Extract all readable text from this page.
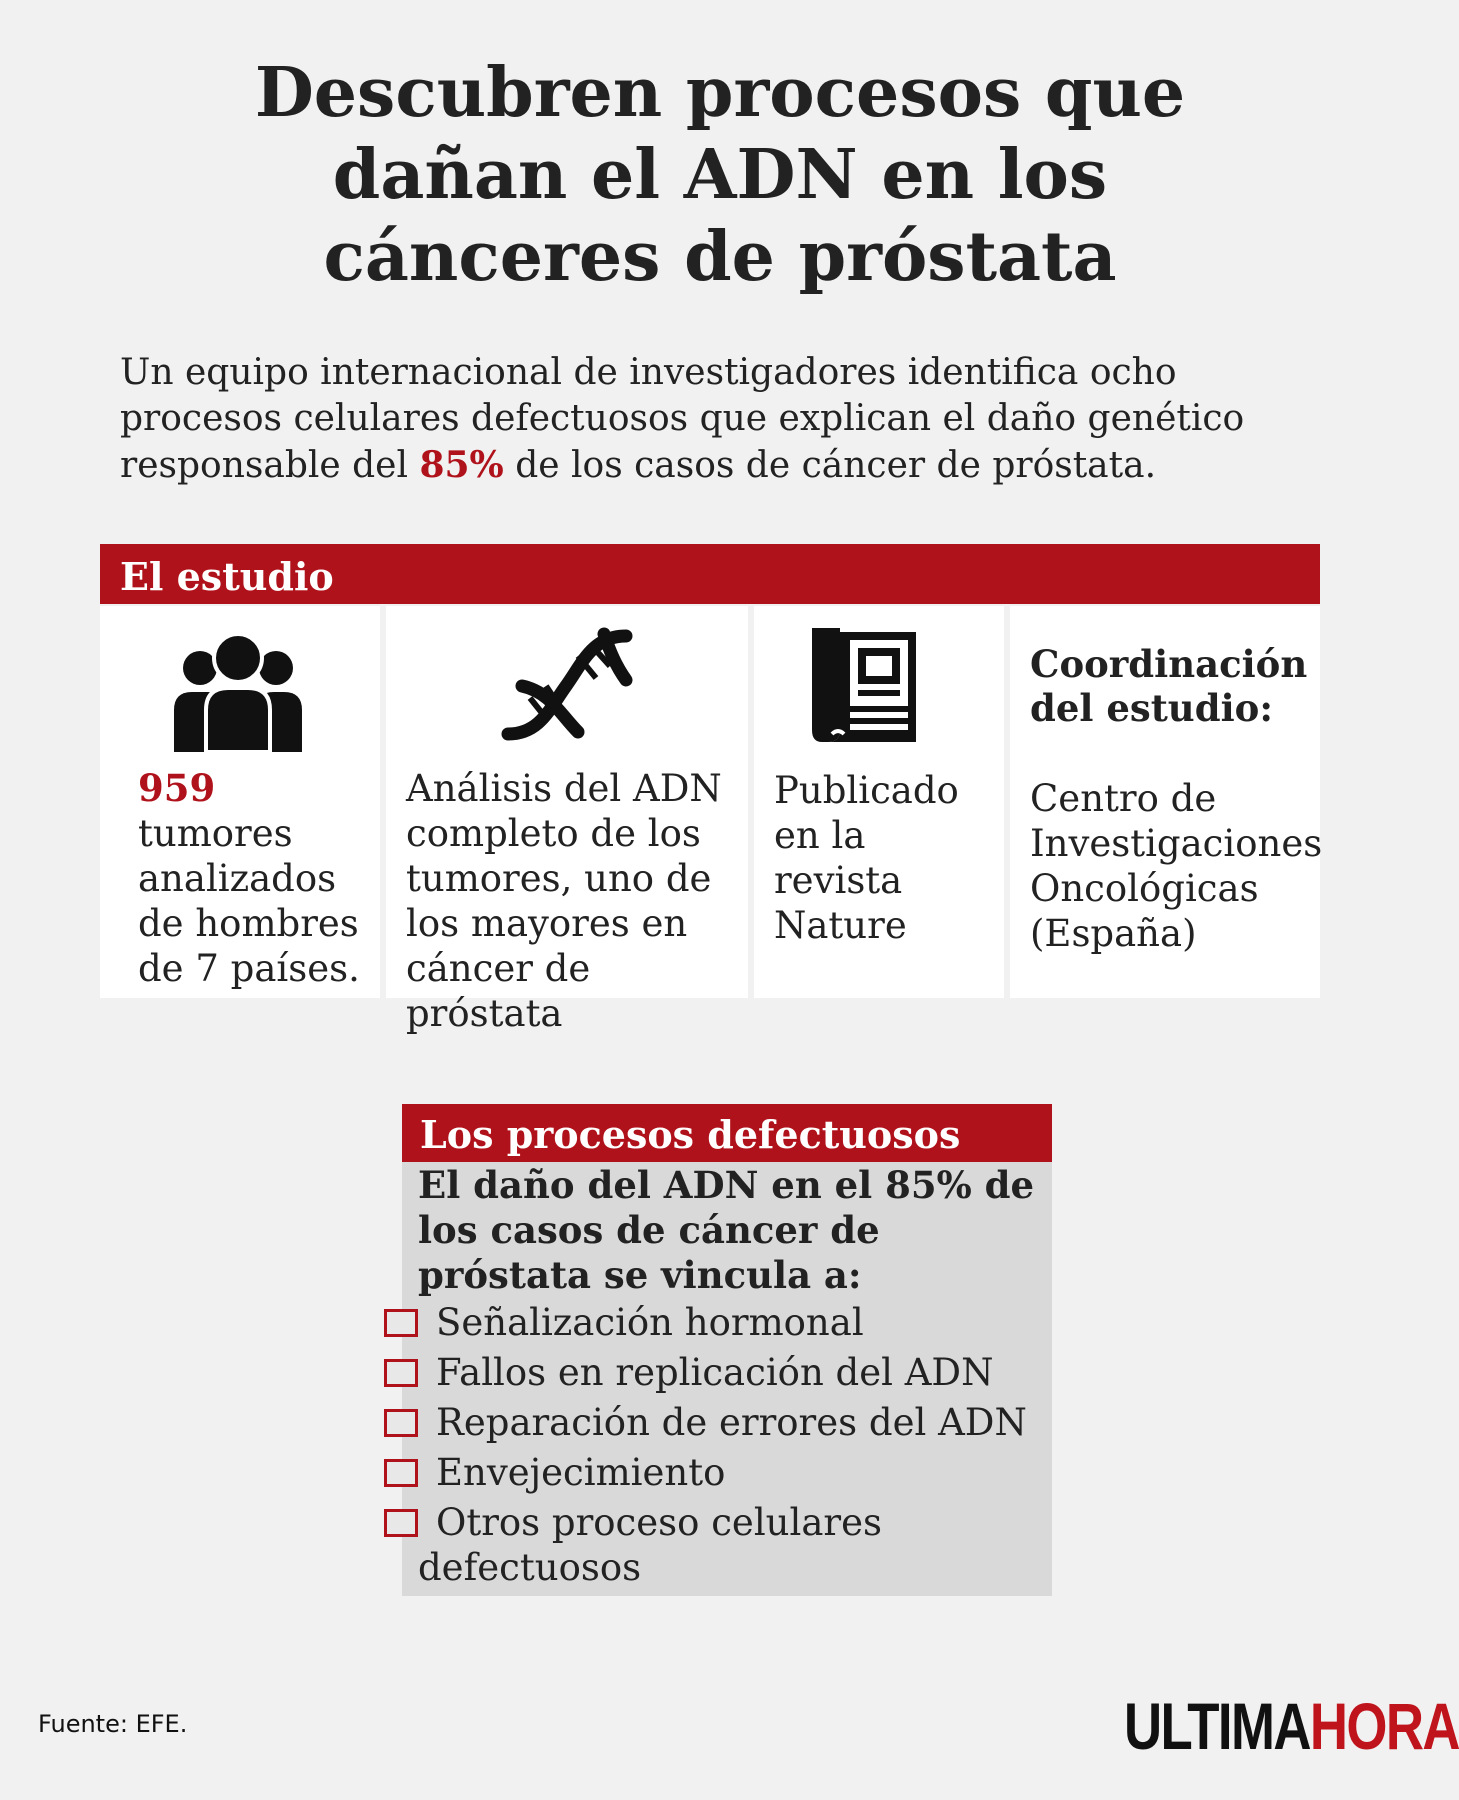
Descubren procesos que
dañan el ADN en los
cánceres de próstata
Un equipo internacional de investigadores identifica ocho procesos celulares defectuosos que explican el daño genético responsable del 85% de los casos de cáncer de próstata.
El estudio
959 tumores analizados de hombres de 7 países.
Análisis del ADN completo de los tumores, uno de los mayores en cáncer de próstata
Publicado en la revista Nature
Coordinación del estudio:
Centro de Investigaciones Oncológicas (España)
Los procesos defectuosos
El daño del ADN en el 85% de los casos de cáncer de próstata se vincula a:
Señalización hormonal
Fallos en replicación del ADN
Reparación de errores del ADN
Envejecimiento
Otros proceso celulares
defectuosos
Fuente: EFE.	ULTIMAHORA
